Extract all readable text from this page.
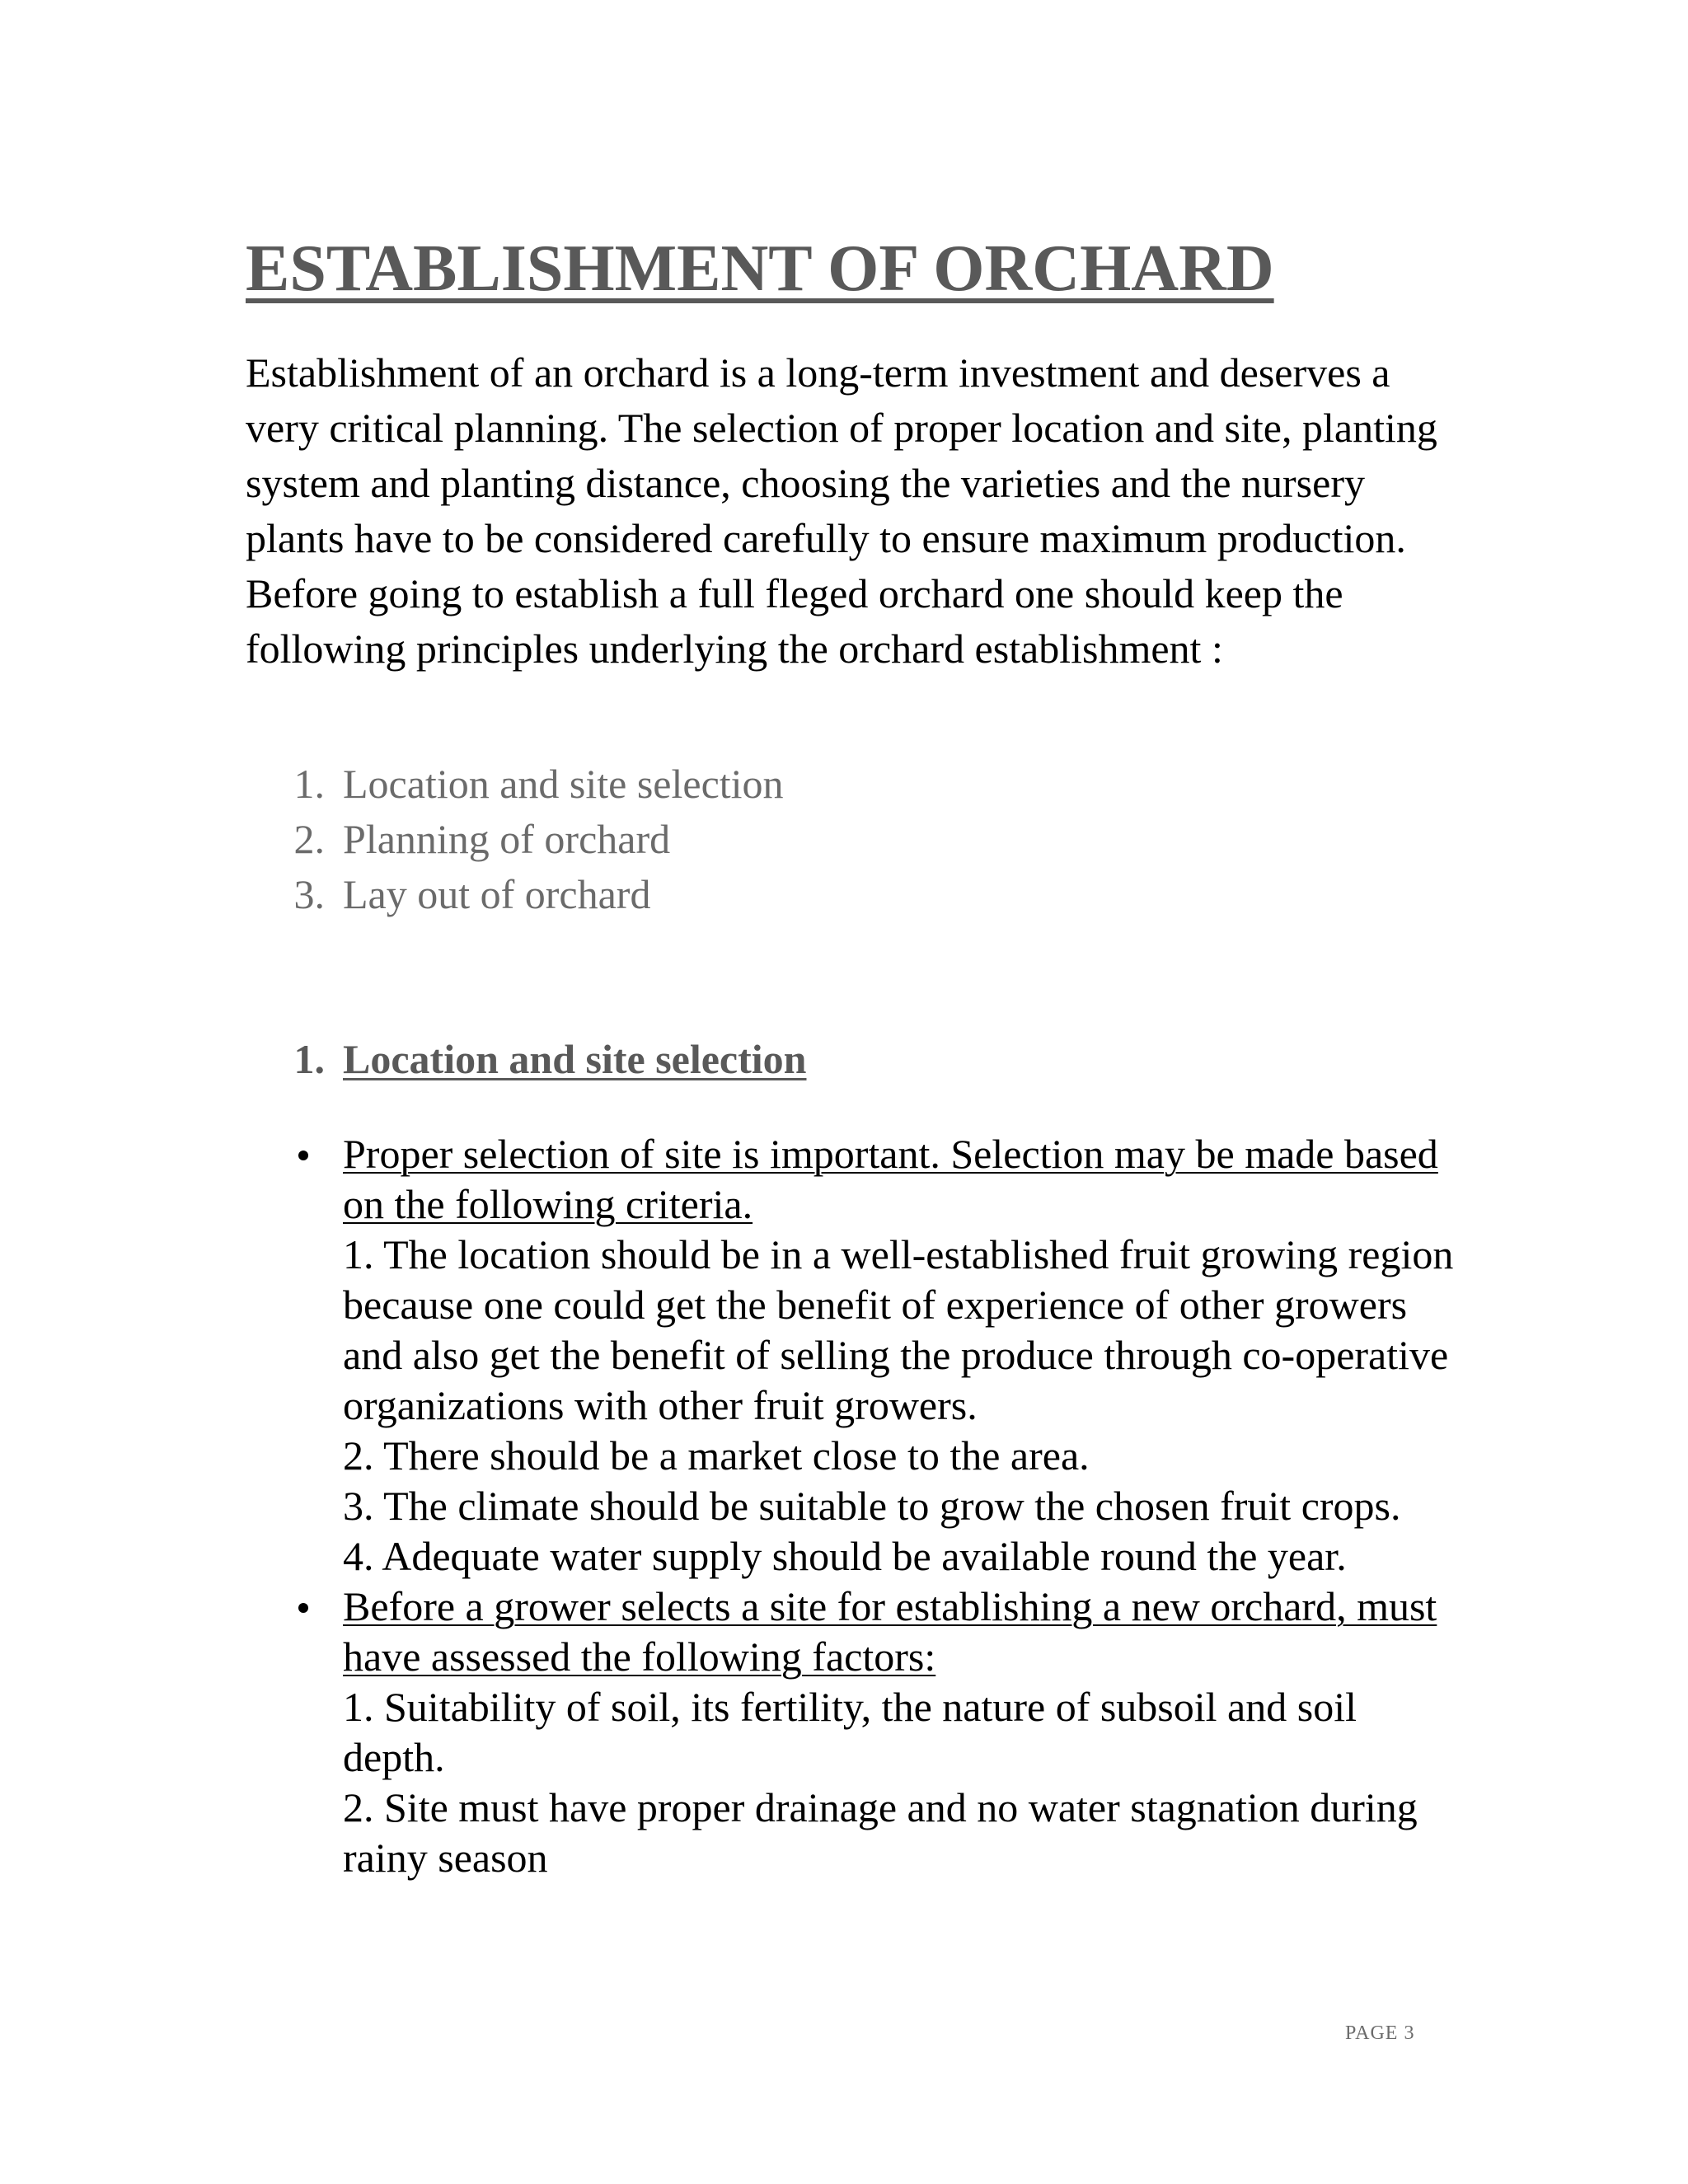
ESTABLISHMENT OF ORCHARD

Establishment of an orchard is a long-term investment and deserves a very critical planning. The selection of proper location and site, planting system and planting distance, choosing the varieties and the nursery plants have to be considered carefully to ensure maximum production. Before going to establish a full fleged orchard one should keep the following principles underlying the orchard establishment :

1. Location and site selection
2. Planning of orchard
3. Lay out of orchard
1. Location and site selection
Proper selection of site is important. Selection may be made based on the following criteria.
1. The location should be in a well-established fruit growing region because one could get the benefit of experience of other growers and also get the benefit of selling the produce through co-operative organizations with other fruit growers.
2. There should be a market close to the area.
3. The climate should be suitable to grow the chosen fruit crops.
4. Adequate water supply should be available round the year.
Before a grower selects a site for establishing a new orchard, must have assessed the following factors:
1. Suitability of soil, its fertility, the nature of subsoil and soil depth.
2. Site must have proper drainage and no water stagnation during rainy season
PAGE 3
